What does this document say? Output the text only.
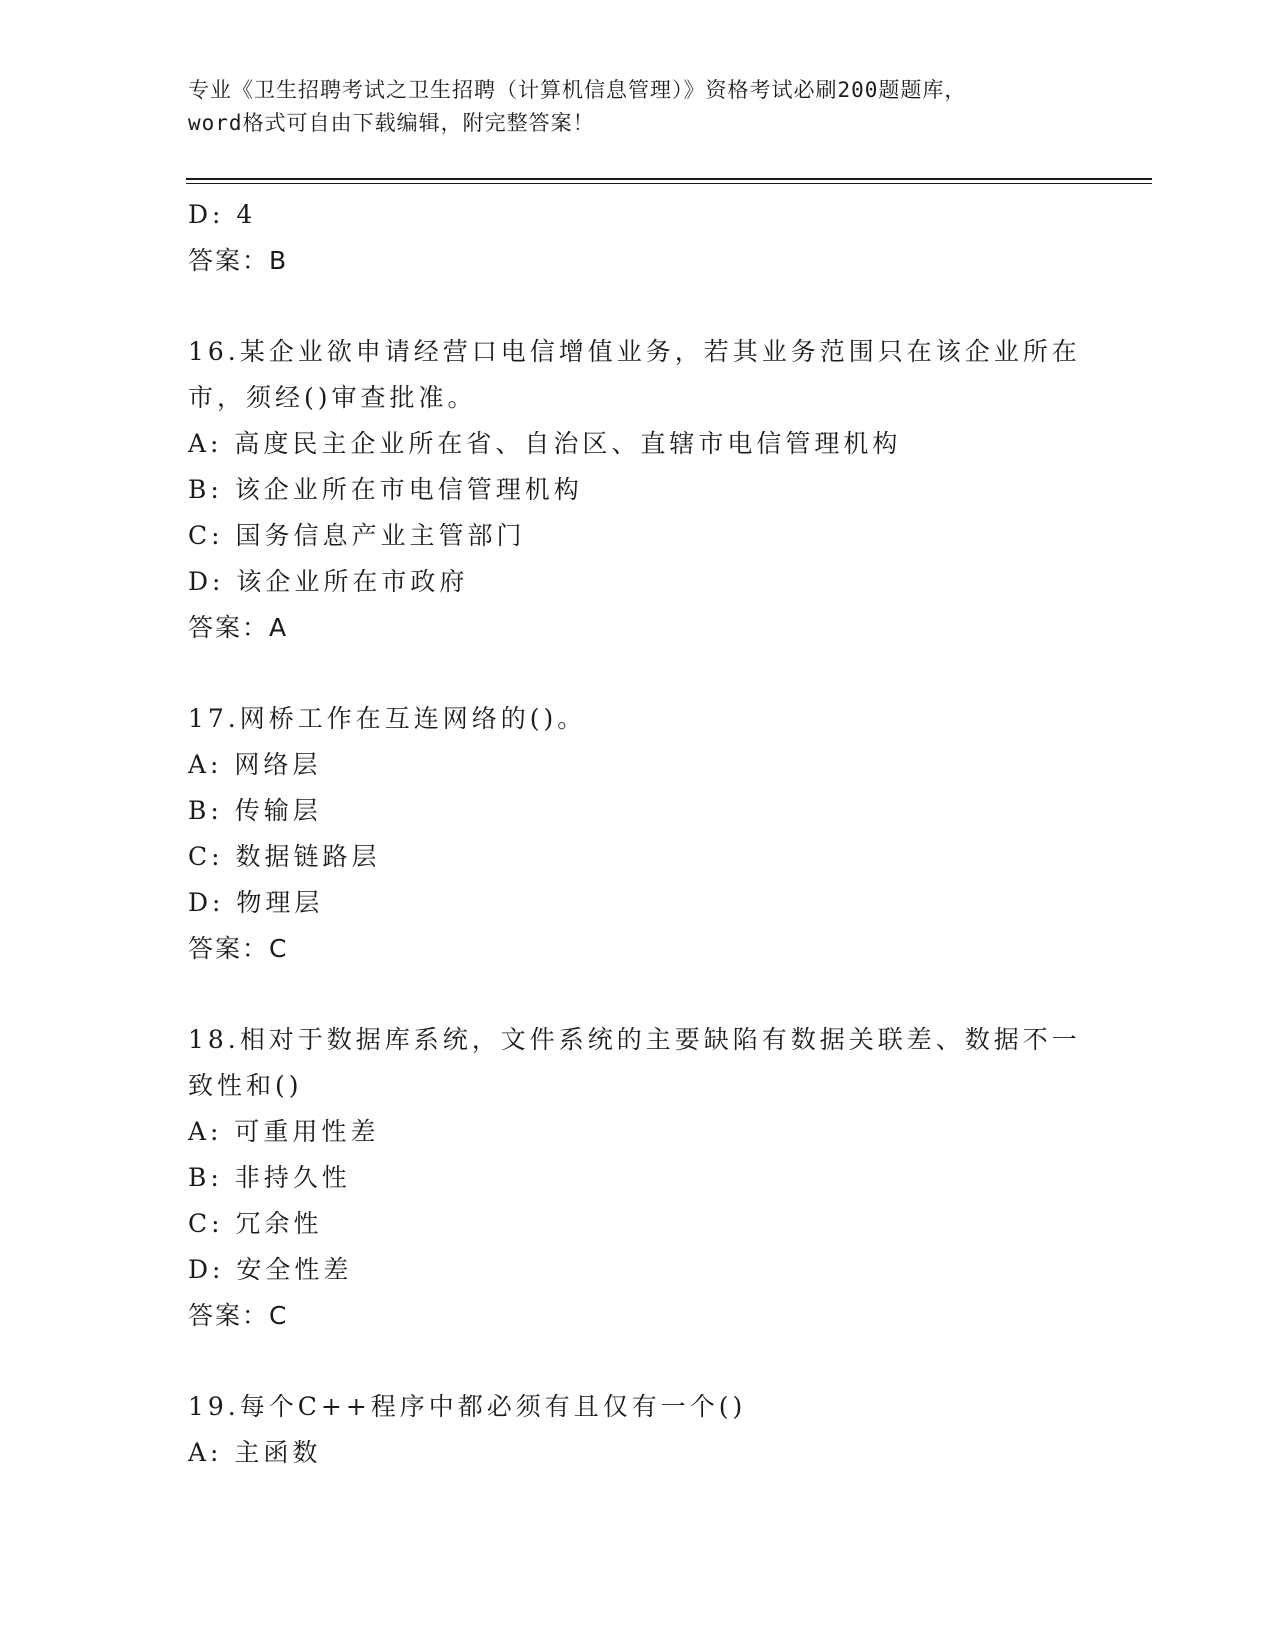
专业《卫生招聘考试之卫生招聘（计算机信息管理）》资格考试必刷200题题库，
word格式可自由下载编辑，附完整答案！
D: 4
答案：B
16.某企业欲申请经营口电信增值业务，若其业务范围只在该企业所在
市，须经()审查批准。
A: 高度民主企业所在省、自治区、直辖市电信管理机构
B: 该企业所在市电信管理机构
C: 国务信息产业主管部门
D: 该企业所在市政府
答案：A
17.网桥工作在互连网络的()。
A: 网络层
B: 传输层
C: 数据链路层
D: 物理层
答案：C
18.相对于数据库系统，文件系统的主要缺陷有数据关联差、数据不一
致性和()
A: 可重用性差
B: 非持久性
C: 冗余性
D: 安全性差
答案：C
19.每个C++程序中都必须有且仅有一个()
A: 主函数
